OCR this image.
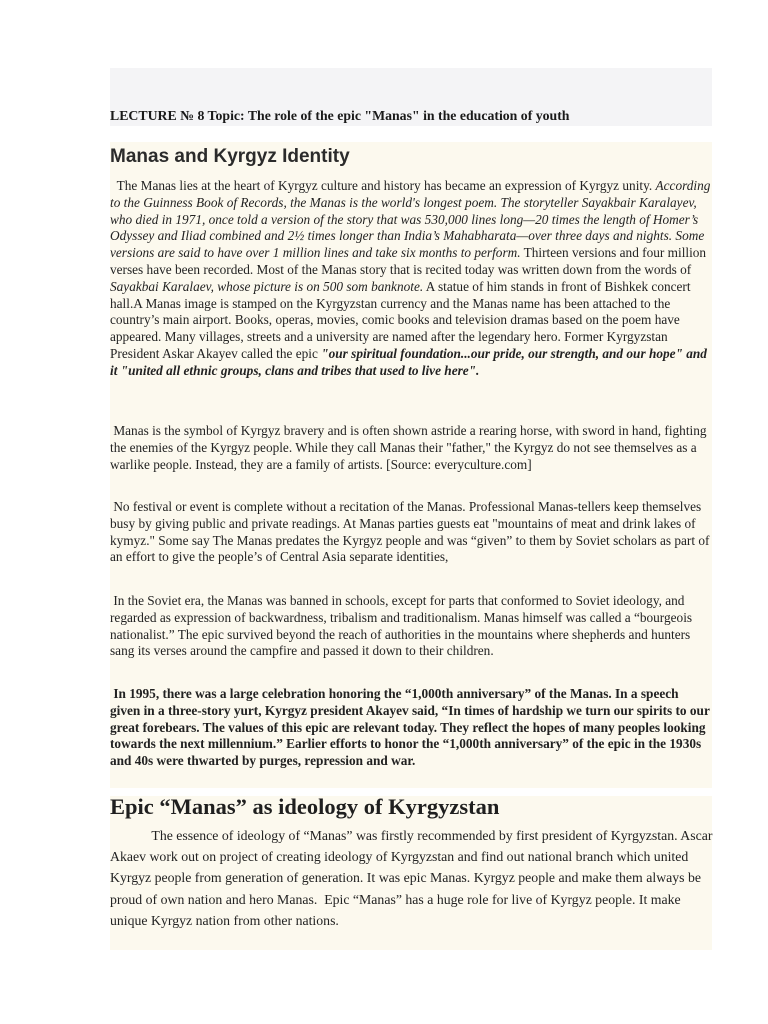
LECTURE № 8 Topic: The role of the epic "Manas" in the education of youth

Manas and Kyrgyz Identity

The Manas lies at the heart of Kyrgyz culture and history has became an expression of Kyrgyz unity. According to the Guinness Book of Records, the Manas is the world's longest poem. The storyteller Sayakbair Karalayev, who died in 1971, once told a version of the story that was 530,000 lines long—20 times the length of Homer’s Odyssey and Iliad combined and 2½ times longer than India’s Mahabharata—over three days and nights. Some versions are said to have over 1 million lines and take six months to perform. Thirteen versions and four million verses have been recorded. Most of the Manas story that is recited today was written down from the words of Sayakbai Karalaev, whose picture is on 500 som banknote. A statue of him stands in front of Bishkek concert hall.A Manas image is stamped on the Kyrgyzstan currency and the Manas name has been attached to the country’s main airport. Books, operas, movies, comic books and television dramas based on the poem have appeared. Many villages, streets and a university are named after the legendary hero. Former Kyrgyzstan President Askar Akayev called the epic "our spiritual foundation...our pride, our strength, and our hope" and it "united all ethnic groups, clans and tribes that used to live here".

Manas is the symbol of Kyrgyz bravery and is often shown astride a rearing horse, with sword in hand, fighting the enemies of the Kyrgyz people. While they call Manas their "father," the Kyrgyz do not see themselves as a warlike people. Instead, they are a family of artists. [Source: everyculture.com]

No festival or event is complete without a recitation of the Manas. Professional Manas-tellers keep themselves busy by giving public and private readings. At Manas parties guests eat "mountains of meat and drink lakes of kymyz." Some say The Manas predates the Kyrgyz people and was “given” to them by Soviet scholars as part of an effort to give the people’s of Central Asia separate identities,

In the Soviet era, the Manas was banned in schools, except for parts that conformed to Soviet ideology, and regarded as expression of backwardness, tribalism and traditionalism. Manas himself was called a “bourgeois nationalist.” The epic survived beyond the reach of authorities in the mountains where shepherds and hunters sang its verses around the campfire and passed it down to their children.

In 1995, there was a large celebration honoring the “1,000th anniversary” of the Manas. In a speech given in a three-story yurt, Kyrgyz president Akayev said, “In times of hardship we turn our spirits to our great forebears. The values of this epic are relevant today. They reflect the hopes of many peoples looking towards the next millennium.” Earlier efforts to honor the “1,000th anniversary” of the epic in the 1930s and 40s were thwarted by purges, repression and war.

Epic “Manas” as ideology of Kyrgyzstan

The essence of ideology of “Manas” was firstly recommended by first president of Kyrgyzstan. Ascar Akaev work out on project of creating ideology of Kyrgyzstan and find out national branch which united Kyrgyz people from generation of generation. It was epic Manas. Kyrgyz people and make them always be proud of own nation and hero Manas.  Epic “Manas” has a huge role for live of Kyrgyz people. It make unique Kyrgyz nation from other nations.
